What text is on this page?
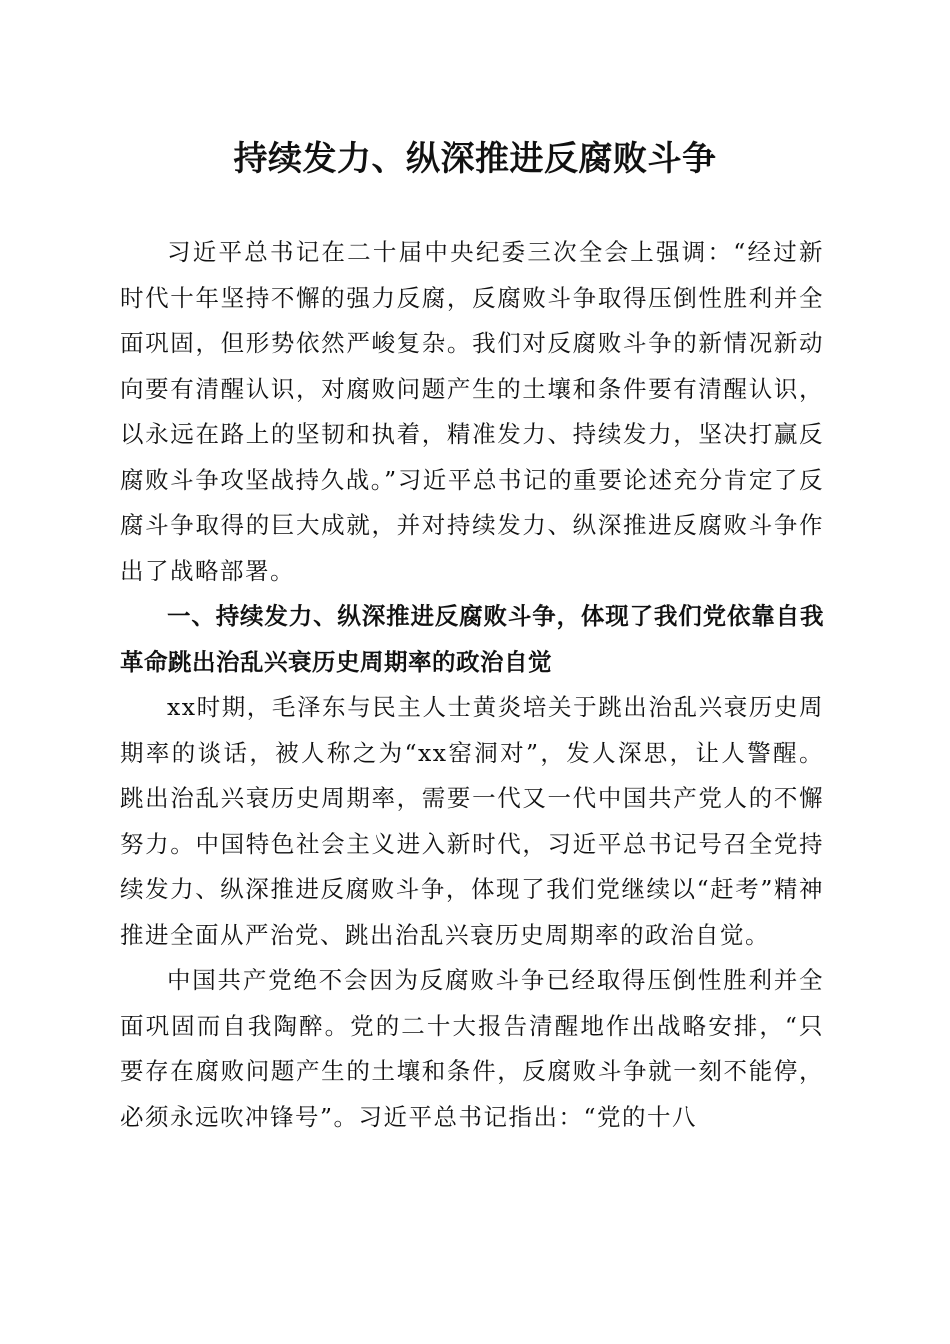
持续发力、纵深推进反腐败斗争

习近平总书记在二十届中央纪委三次全会上强调：“经过新时代十年坚持不懈的强力反腐，反腐败斗争取得压倒性胜利并全面巩固，但形势依然严峻复杂。我们对反腐败斗争的新情况新动向要有清醒认识，对腐败问题产生的土壤和条件要有清醒认识，以永远在路上的坚韧和执着，精准发力、持续发力，坚决打赢反腐败斗争攻坚战持久战。”习近平总书记的重要论述充分肯定了反腐斗争取得的巨大成就，并对持续发力、纵深推进反腐败斗争作出了战略部署。

一、持续发力、纵深推进反腐败斗争，体现了我们党依靠自我革命跳出治乱兴衰历史周期率的政治自觉

xx时期，毛泽东与民主人士黄炎培关于跳出治乱兴衰历史周期率的谈话，被人称之为“xx窑洞对”，发人深思，让人警醒。跳出治乱兴衰历史周期率，需要一代又一代中国共产党人的不懈努力。中国特色社会主义进入新时代，习近平总书记号召全党持续发力、纵深推进反腐败斗争，体现了我们党继续以“赶考”精神推进全面从严治党、跳出治乱兴衰历史周期率的政治自觉。

中国共产党绝不会因为反腐败斗争已经取得压倒性胜利并全面巩固而自我陶醉。党的二十大报告清醒地作出战略安排，“只要存在腐败问题产生的土壤和条件，反腐败斗争就一刻不能停，必须永远吹冲锋号”。习近平总书记指出：“党的十八
